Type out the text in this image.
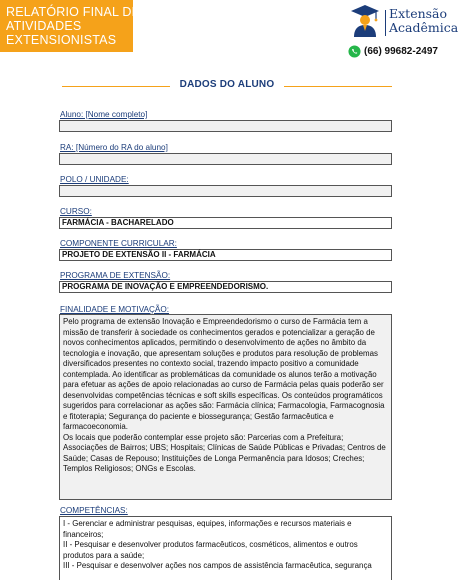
RELATÓRIO FINAL DE
ATIVIDADES
EXTENSIONISTAS
Extensão
Acadêmica
(66) 99682-2497
DADOS DO ALUNO
Aluno: [Nome completo]
RA: [Número do RA do aluno]
POLO / UNIDADE:
CURSO:
FARMÁCIA - BACHARELADO
COMPONENTE CURRICULAR:
PROJETO DE EXTENSÃO II - FARMÁCIA
PROGRAMA DE EXTENSÃO:
PROGRAMA DE INOVAÇÃO E EMPREENDEDORISMO.
FINALIDADE E MOTIVAÇÃO:

Pelo programa de extensão Inovação e Empreendedorismo o curso de Farmácia tem a missão de transferir à sociedade os conhecimentos gerados e potencializar a geração de novos conhecimentos aplicados, permitindo o desenvolvimento de ações no âmbito da tecnologia e inovação, que apresentam soluções e produtos para resolução de problemas diversificados presentes no contexto social, trazendo impacto positivo a comunidade contemplada. Ao identificar as problemáticas da comunidade os alunos terão a motivação para efetuar as ações de apoio relacionadas ao curso de Farmácia pelas quais poderão ser desenvolvidas competências técnicas e soft skills específicas. Os conteúdos programáticos sugeridos para correlacionar as ações são: Farmácia clínica; Farmacologia, Farmacognosia e fitoterapia; Segurança do paciente e biossegurança; Gestão farmacêutica e farmacoeconomia.

Os locais que poderão contemplar esse projeto são: Parcerias com a Prefeitura; Associações de Bairros; UBS; Hospitais; Clínicas de Saúde Públicas e Privadas; Centros de Saúde; Casas de Repouso; Instituições de Longa Permanência para Idosos; Creches; Templos Religiosos; ONGs e Escolas.

COMPETÊNCIAS:

I - Gerenciar e administrar pesquisas, equipes, informações e recursos materiais e financeiros;

II - Pesquisar e desenvolver produtos farmacêuticos, cosméticos, alimentos e outros produtos para a saúde;

III - Pesquisar e desenvolver ações nos campos de assistência farmacêutica, segurança
